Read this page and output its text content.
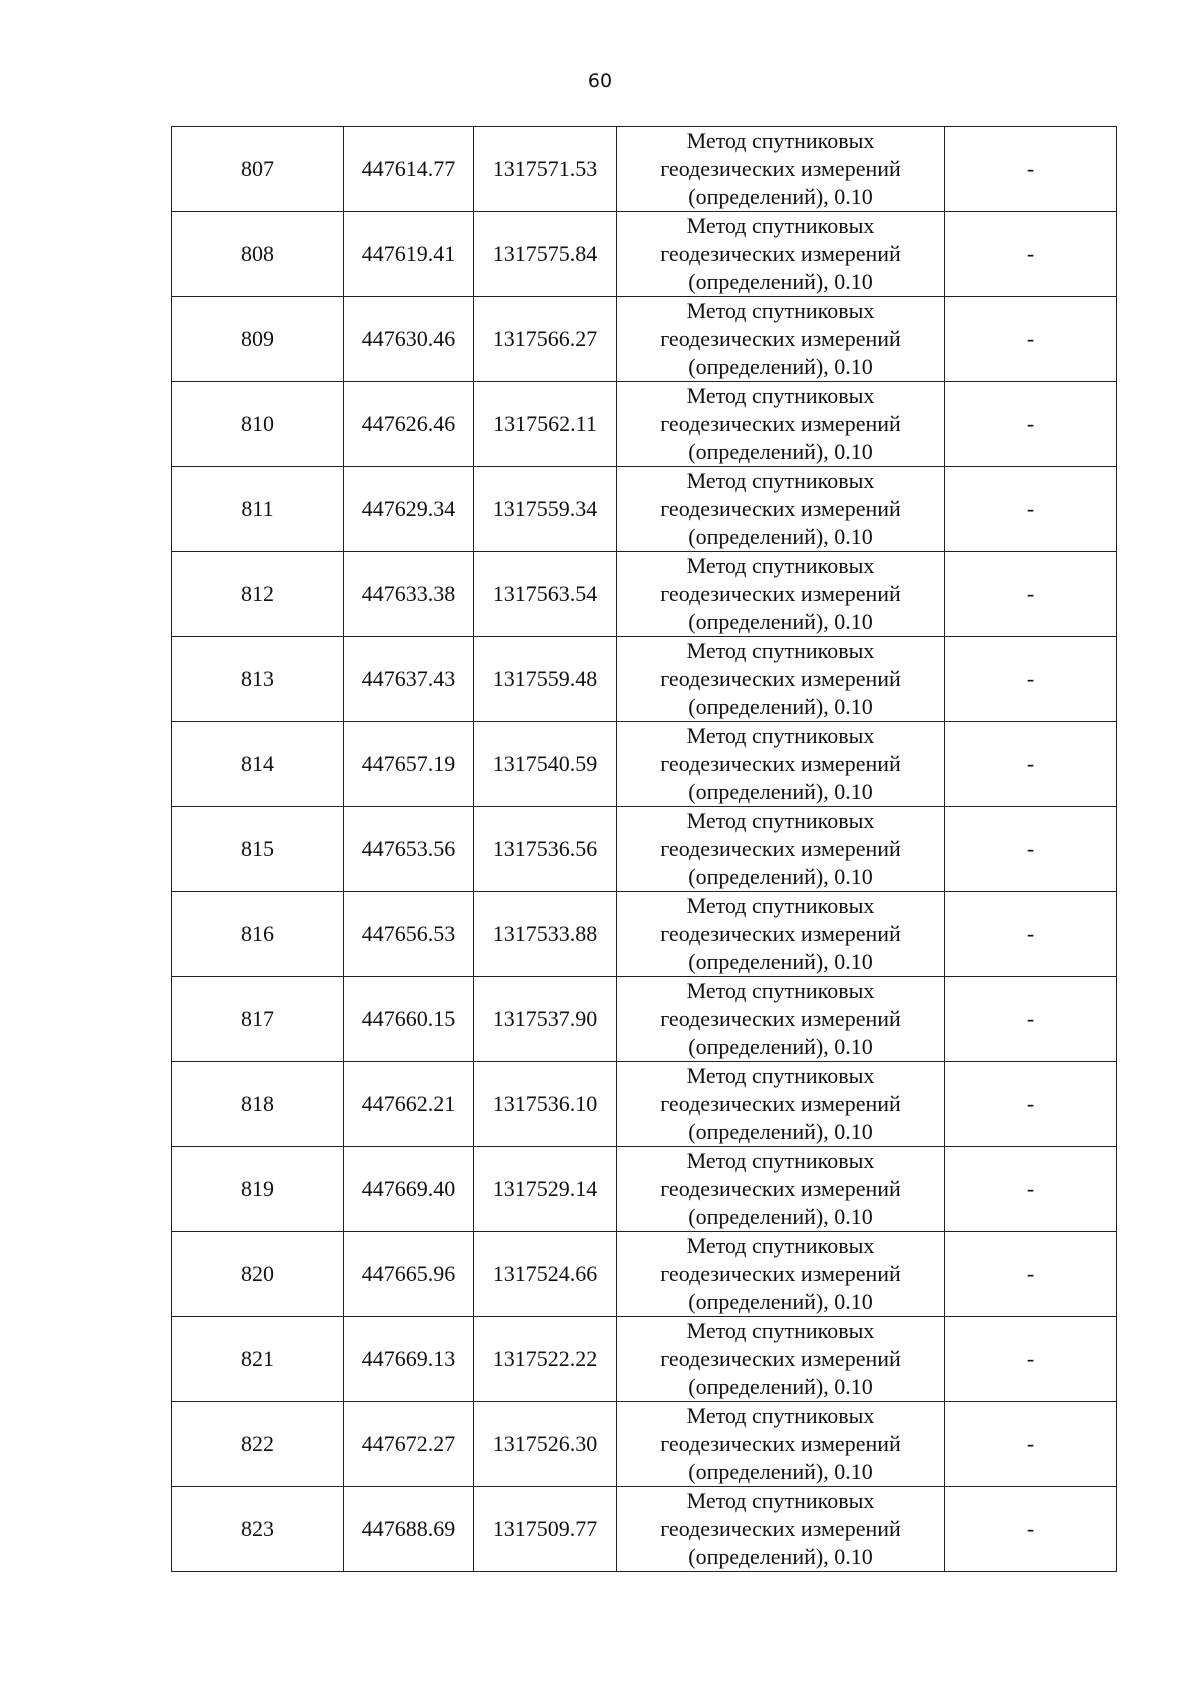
60
807	447614.77	1317571.53	Метод спутниковых
геодезических измерений
(определений), 0.10	-
808	447619.41	1317575.84	Метод спутниковых
геодезических измерений
(определений), 0.10	-
809	447630.46	1317566.27	Метод спутниковых
геодезических измерений
(определений), 0.10	-
810	447626.46	1317562.11	Метод спутниковых
геодезических измерений
(определений), 0.10	-
811	447629.34	1317559.34	Метод спутниковых
геодезических измерений
(определений), 0.10	-
812	447633.38	1317563.54	Метод спутниковых
геодезических измерений
(определений), 0.10	-
813	447637.43	1317559.48	Метод спутниковых
геодезических измерений
(определений), 0.10	-
814	447657.19	1317540.59	Метод спутниковых
геодезических измерений
(определений), 0.10	-
815	447653.56	1317536.56	Метод спутниковых
геодезических измерений
(определений), 0.10	-
816	447656.53	1317533.88	Метод спутниковых
геодезических измерений
(определений), 0.10	-
817	447660.15	1317537.90	Метод спутниковых
геодезических измерений
(определений), 0.10	-
818	447662.21	1317536.10	Метод спутниковых
геодезических измерений
(определений), 0.10	-
819	447669.40	1317529.14	Метод спутниковых
геодезических измерений
(определений), 0.10	-
820	447665.96	1317524.66	Метод спутниковых
геодезических измерений
(определений), 0.10	-
821	447669.13	1317522.22	Метод спутниковых
геодезических измерений
(определений), 0.10	-
822	447672.27	1317526.30	Метод спутниковых
геодезических измерений
(определений), 0.10	-
823	447688.69	1317509.77	Метод спутниковых
геодезических измерений
(определений), 0.10	-
